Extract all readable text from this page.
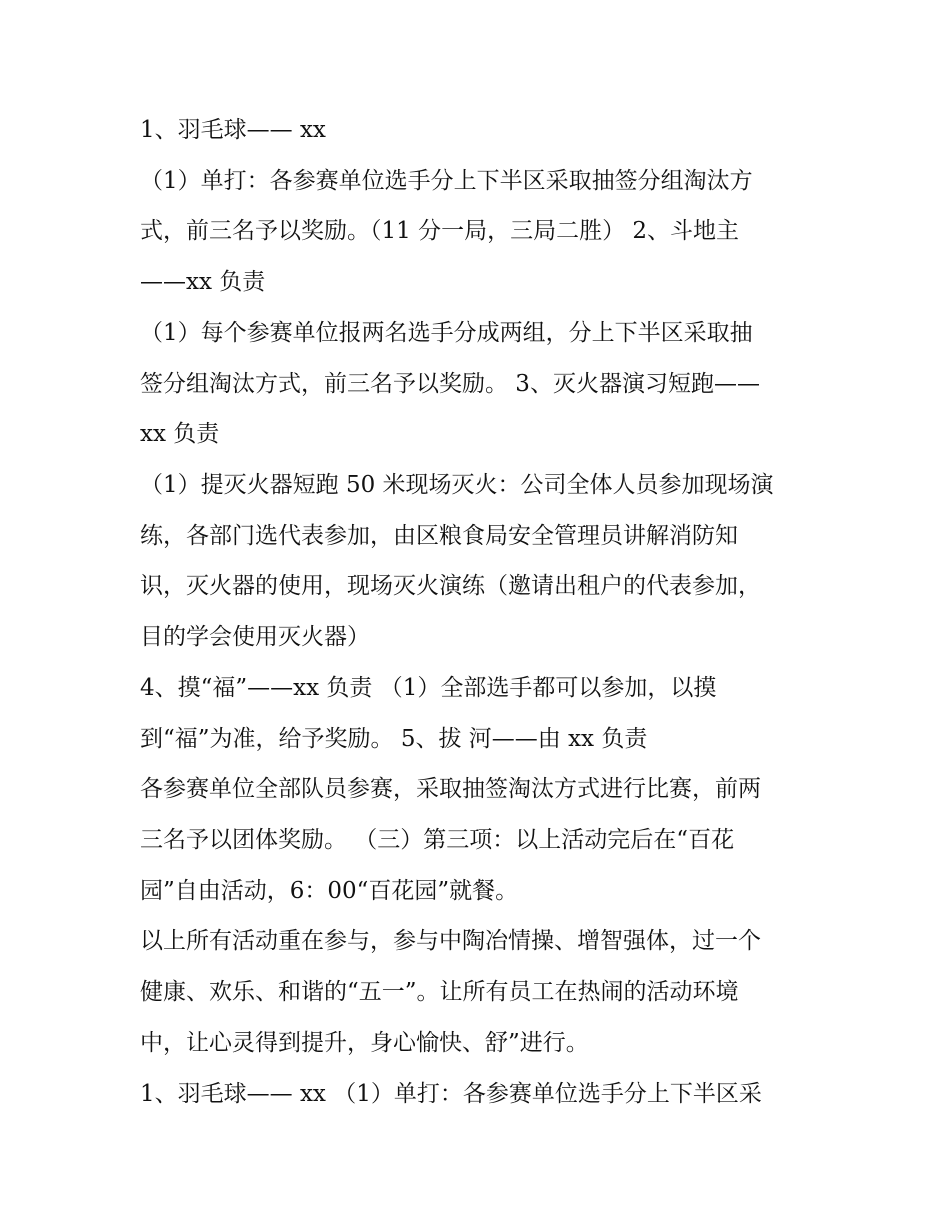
1、羽毛球—— xx
（1）单打：各参赛单位选手分上下半区采取抽签分组淘汰方
式，前三名予以奖励。（11 分一局，三局二胜） 2、斗地主
——xx 负责
（1）每个参赛单位报两名选手分成两组，分上下半区采取抽
签分组淘汰方式，前三名予以奖励。 3、灭火器演习短跑——
xx 负责
（1）提灭火器短跑 50 米现场灭火：公司全体人员参加现场演
练，各部门选代表参加，由区粮食局安全管理员讲解消防知
识，灭火器的使用，现场灭火演练（邀请出租户的代表参加，
目的学会使用灭火器）
4、摸“福”——xx 负责 （1）全部选手都可以参加，以摸
到“福”为准，给予奖励。 5、拔 河——由 xx 负责
各参赛单位全部队员参赛，采取抽签淘汰方式进行比赛，前两
三名予以团体奖励。 （三）第三项：以上活动完后在“百花
园”自由活动，6：00“百花园”就餐。
以上所有活动重在参与，参与中陶冶情操、增智强体，过一个
健康、欢乐、和谐的“五一”。让所有员工在热闹的活动环境
中，让心灵得到提升，身心愉快、舒”进行。
1、羽毛球—— xx （1）单打：各参赛单位选手分上下半区采
